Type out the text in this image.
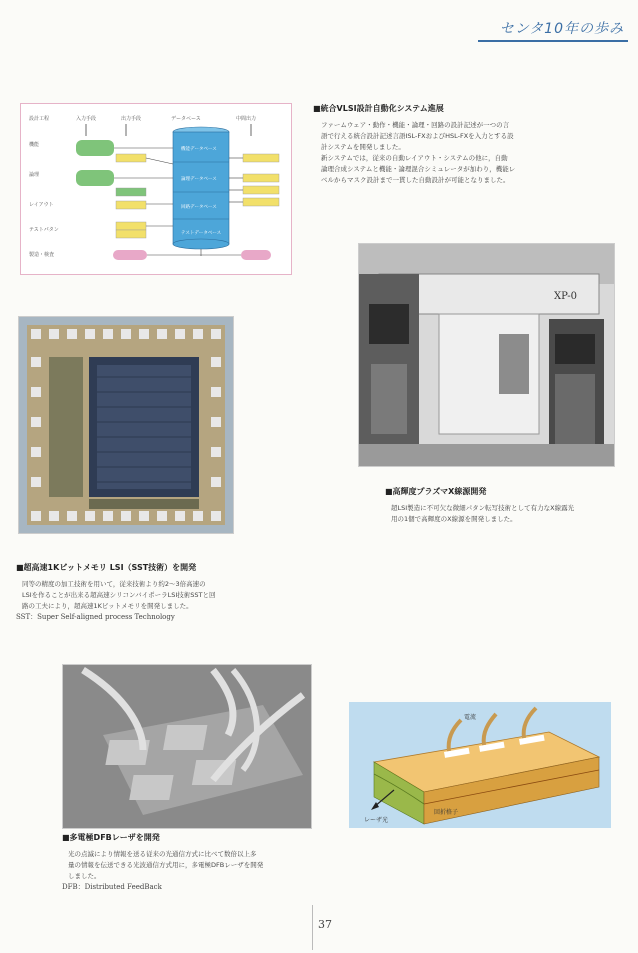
センタ10年の歩み
設計工程	入力手段	出力手段	データベース	中間出力
機能
論理
レイアウト
テストパタン
製造・検査
機能データベース
論理データベース
回路データベース
テストデータベース
■統合VLSI設計自動化システム進展
ファームウェア・動作・機能・論理・回路の設計記述が一つの言
語で行える統合設計記述言語ISL-FXおよびHSL-FXを入力とする設
計システムを開発しました。
新システムでは，従来の自動レイアウト・システムの他に，自動
論理合成システムと機能・論理混合シミュレータが加わり，機能レ
ベルからマスク設計まで一貫した自動設計が可能となりました。
XP-0
■高輝度プラズマX線源開発
超LSI製造に不可欠な微細パタン転写技術として有力なX線露光
用の1個で高輝度のX線源を開発しました。
■超高速1Kビットメモリ LSI（SST技術）を開発
同等の精度の加工技術を用いて，従来技術より約2～3倍高速の
LSIを作ることが出来る超高速シリコンバイポーラLSI技術SSTと回
路の工夫により，超高速1Kビットメモリを開発しました。
SST：Super Self-aligned process Technology
■多電極DFBレーザを開発
光の点滅により情報を送る従来の光通信方式に比べて数倍以上多
量の情報を伝送できる光波通信方式用に，多電極DFBレーザを開発
しました。
DFB：Distributed FeedBack
電流
回折格子
レーザ光
37
